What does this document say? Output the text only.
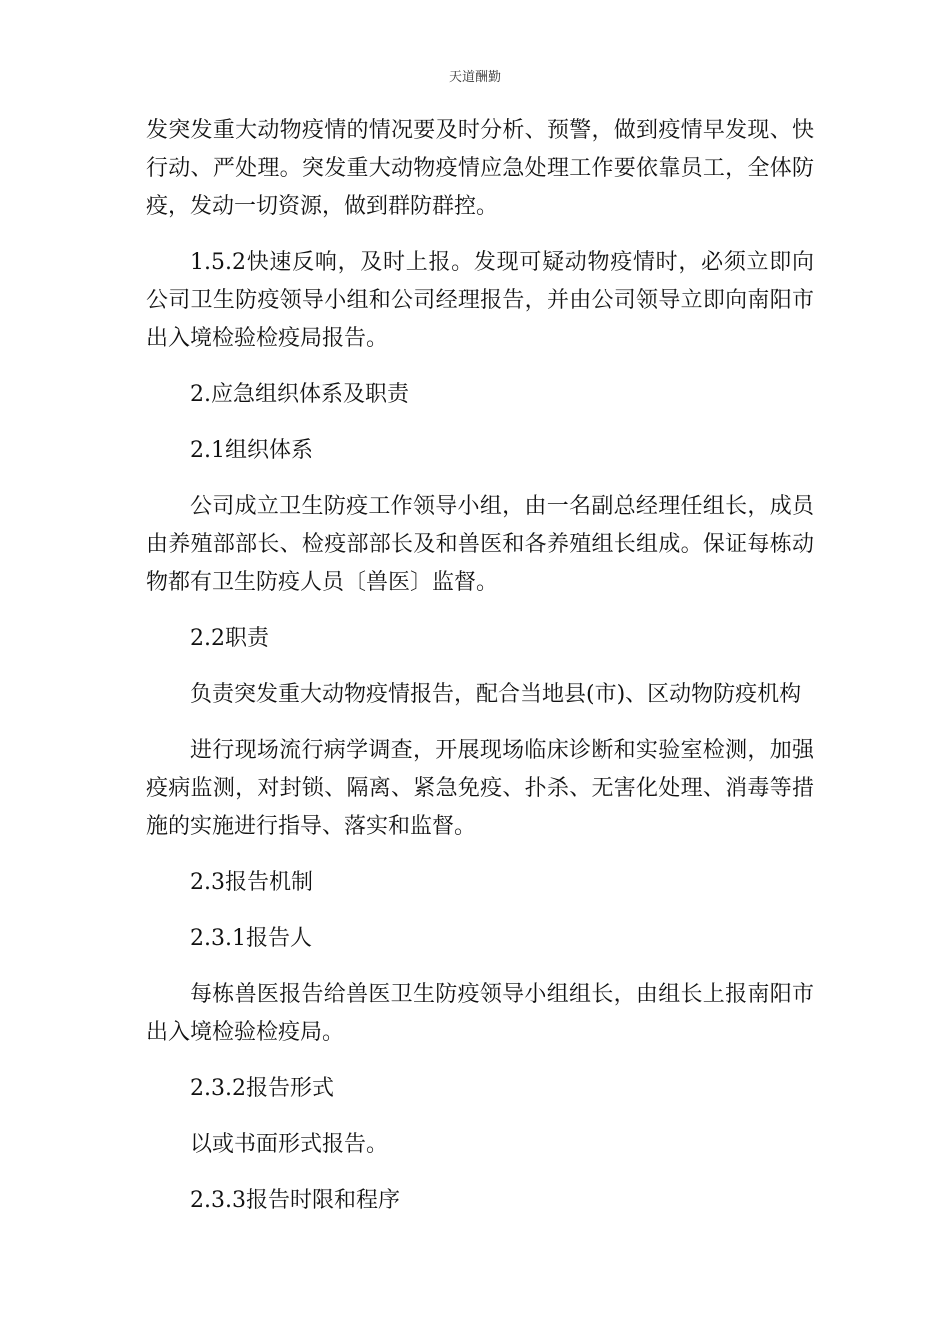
天道酬勤

发突发重大动物疫情的情况要及时分析、预警，做到疫情早发现、快行动、严处理。突发重大动物疫情应急处理工作要依靠员工，全体防疫，发动一切资源，做到群防群控。

1.5.2快速反响，及时上报。发现可疑动物疫情时，必须立即向公司卫生防疫领导小组和公司经理报告，并由公司领导立即向南阳市出入境检验检疫局报告。

2.应急组织体系及职责

2.1组织体系

公司成立卫生防疫工作领导小组，由一名副总经理任组长，成员由养殖部部长、检疫部部长及和兽医和各养殖组长组成。保证每栋动物都有卫生防疫人员〔兽医〕监督。

2.2职责

负责突发重大动物疫情报告，配合当地县(市)、区动物防疫机构

进行现场流行病学调查，开展现场临床诊断和实验室检测，加强疫病监测，对封锁、隔离、紧急免疫、扑杀、无害化处理、消毒等措施的实施进行指导、落实和监督。

2.3报告机制

2.3.1报告人

每栋兽医报告给兽医卫生防疫领导小组组长，由组长上报南阳市出入境检验检疫局。

2.3.2报告形式

以或书面形式报告。

2.3.3报告时限和程序
